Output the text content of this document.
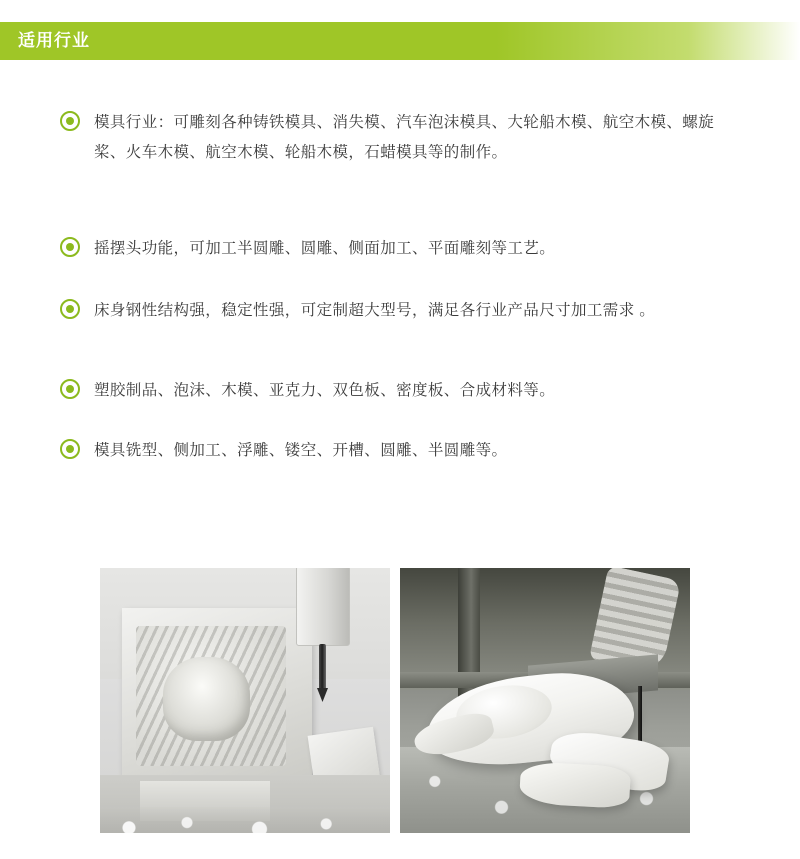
适用行业
模具行业：可雕刻各种铸铁模具、消失模、汽车泡沫模具、大轮船木模、航空木模、螺旋桨、火车木模、航空木模、轮船木模，石蜡模具等的制作。
摇摆头功能，可加工半圆雕、圆雕、侧面加工、平面雕刻等工艺。
床身钢性结构强，稳定性强，可定制超大型号，满足各行业产品尺寸加工需求 。
塑胶制品、泡沫、木模、亚克力、双色板、密度板、合成材料等。
模具铣型、侧加工、浮雕、镂空、开槽、圆雕、半圆雕等。
